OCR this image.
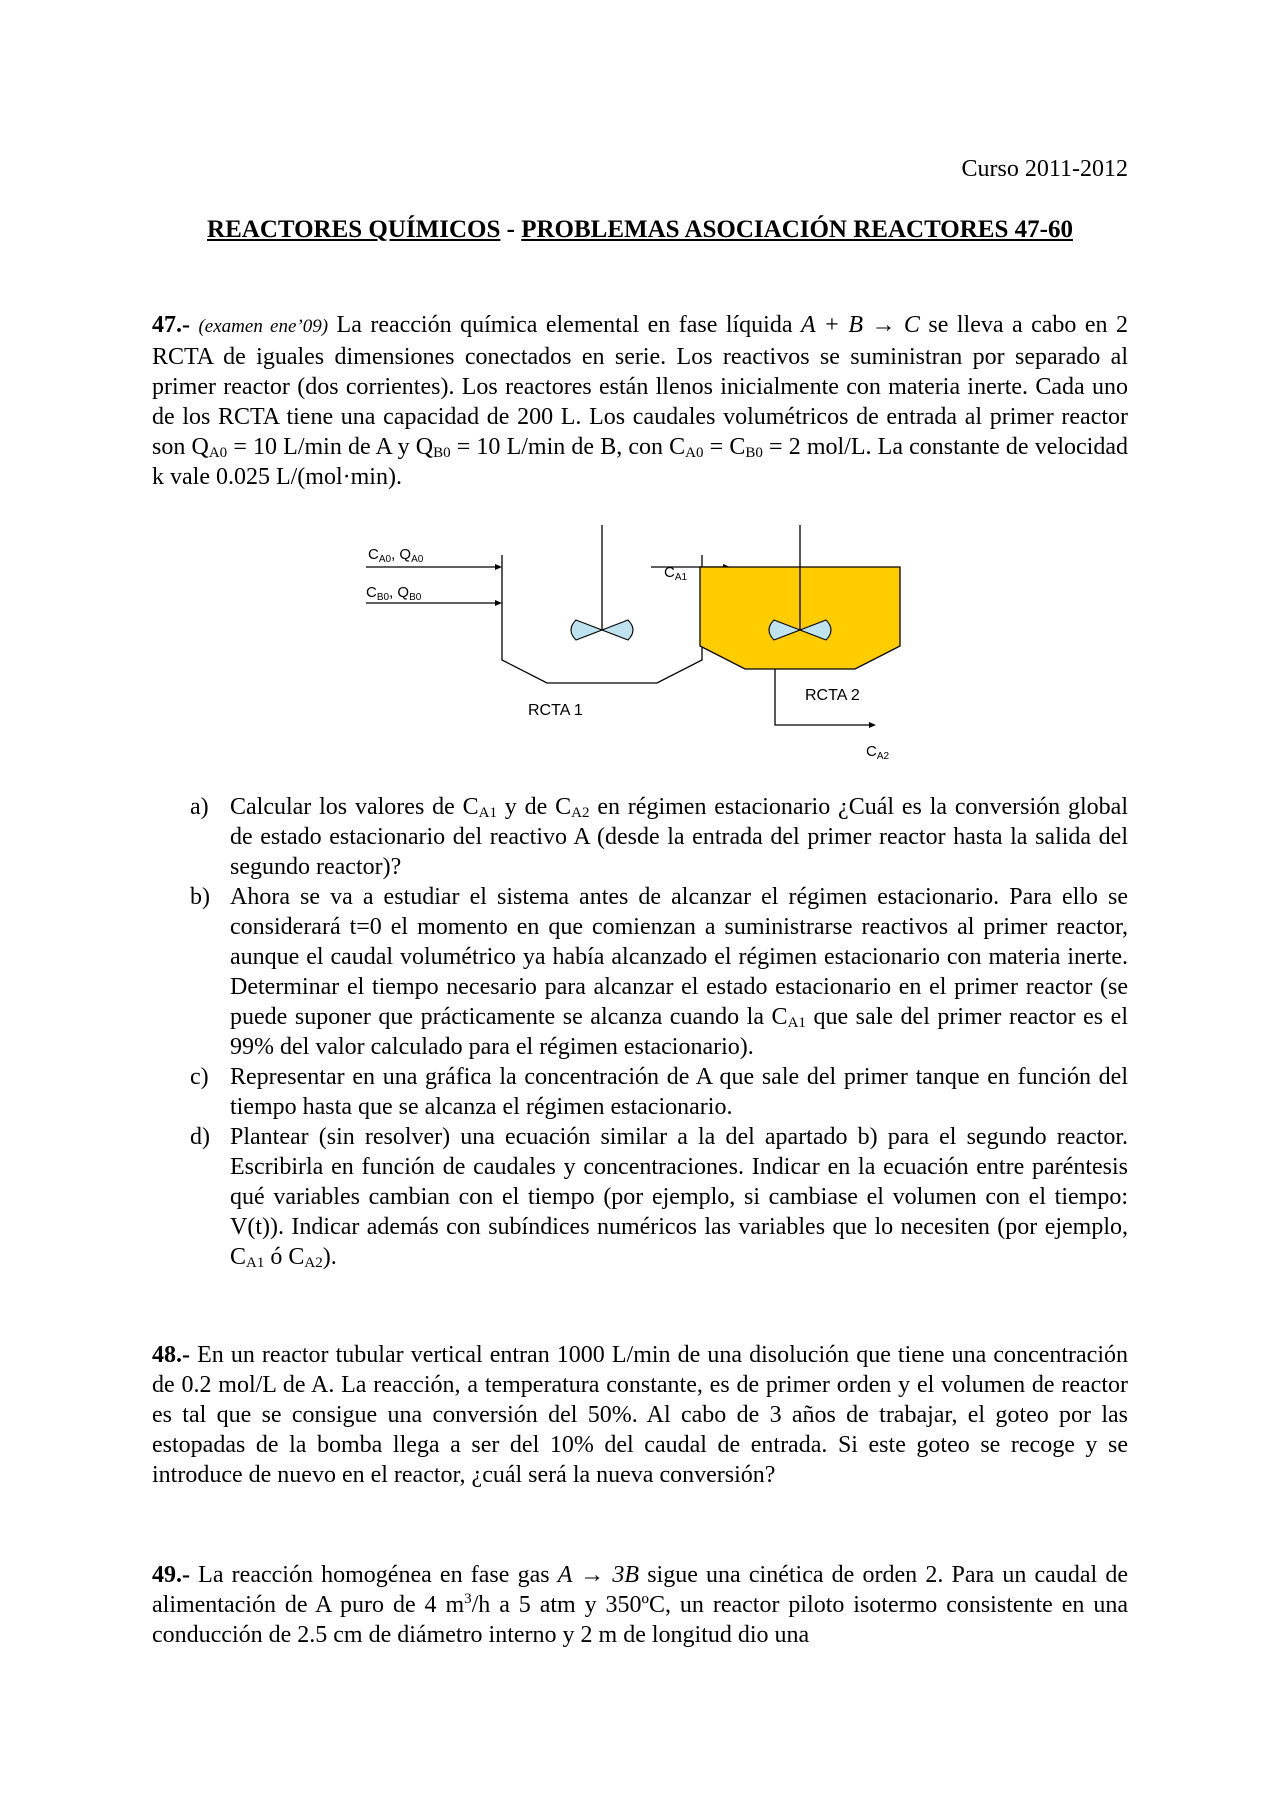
Curso 2011-2012
REACTORES QUÍMICOS - PROBLEMAS ASOCIACIÓN REACTORES 47-60

47.- (examen ene’09) La reacción química elemental en fase líquida A + B → C se lleva a cabo en 2 RCTA de iguales dimensiones conectados en serie. Los reactivos se suministran por separado al primer reactor (dos corrientes). Los reactores están llenos inicialmente con materia inerte. Cada uno de los RCTA tiene una capacidad de 200 L. Los caudales volumétricos de entrada al primer reactor son $Q_{A0} = 10$ L/min de A y $Q_{B0} = 10$ L/min de B, con $C_{A0} = C_{B0} = 2$ mol/L. La constante de velocidad k vale 0.025 L/(mol·min).

$C_{A0}$, $Q_{A0}$
$C_{B0}$, $Q_{B0}$
$C_{A1}$
RCTA 1
RCTA 2
$C_{A2}$
a) Calcular los valores de $C_{A1}$ y de $C_{A2}$ en régimen estacionario ¿Cuál es la conversión global de estado estacionario del reactivo A (desde la entrada del primer reactor hasta la salida del segundo reactor)?
b) Ahora se va a estudiar el sistema antes de alcanzar el régimen estacionario. Para ello se considerará t=0 el momento en que comienzan a suministrarse reactivos al primer reactor, aunque el caudal volumétrico ya había alcanzado el régimen estacionario con materia inerte. Determinar el tiempo necesario para alcanzar el estado estacionario en el primer reactor (se puede suponer que prácticamente se alcanza cuando la $C_{A1}$ que sale del primer reactor es el 99% del valor calculado para el régimen estacionario).
c) Representar en una gráfica la concentración de A que sale del primer tanque en función del tiempo hasta que se alcanza el régimen estacionario.
d) Plantear (sin resolver) una ecuación similar a la del apartado b) para el segundo reactor. Escribirla en función de caudales y concentraciones. Indicar en la ecuación entre paréntesis qué variables cambian con el tiempo (por ejemplo, si cambiase el volumen con el tiempo: V(t)). Indicar además con subíndices numéricos las variables que lo necesiten (por ejemplo, $C_{A1}$ ó $C_{A2}$).

48.- En un reactor tubular vertical entran 1000 L/min de una disolución que tiene una concentración de 0.2 mol/L de A. La reacción, a temperatura constante, es de primer orden y el volumen de reactor es tal que se consigue una conversión del 50%. Al cabo de 3 años de trabajar, el goteo por las estopadas de la bomba llega a ser del 10% del caudal de entrada. Si este goteo se recoge y se introduce de nuevo en el reactor, ¿cuál será la nueva conversión?

49.- La reacción homogénea en fase gas A → 3B sigue una cinética de orden 2. Para un caudal de alimentación de A puro de 4 $m^3/h$ a 5 atm y 350ºC, un reactor piloto isotermo consistente en una conducción de 2.5 cm de diámetro interno y 2 m de longitud dio una
